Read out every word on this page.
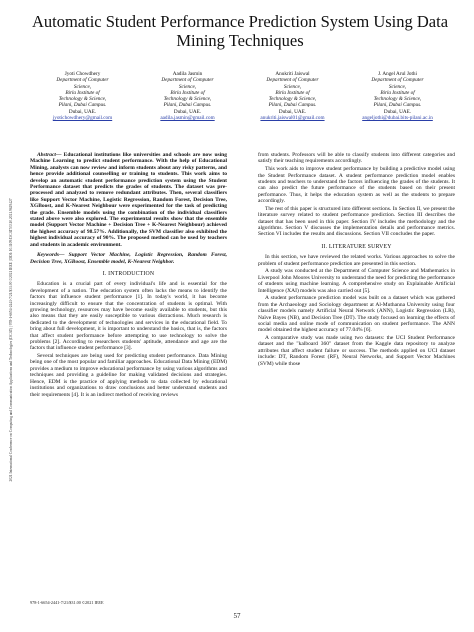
2021 International Conference on Computing and Communication Applications and Technologies (I3CAT) | 978-1-6654-2441-7/21/$31.00 ©2021 IEEE | DOI: 10.1109/I3CAT53310.2021.9629427
Automatic Student Performance Prediction System Using Data Mining Techniques
Jyoti Chowdhery
Department of Computer
Science,
Birla Institute of
Technology & Science,
Pilani, Dubai Campus.
Dubai, UAE.
jyotichowdhery@gmail.com
Aadila Jasmin
Department of Computer
Science,
Birla Institute of
Technology & Science,
Pilani, Dubai Campus.
Dubai, UAE.
aadila.jasmin@gmail.com
Anukriti Jaiswal
Department of Computer
Science,
Birla Institute of
Technology & Science,
Pilani, Dubai Campus.
Dubai, UAE.
anukriti.jaiswal01@gmail.com
J. Angel Arul Jothi
Department of Computer
Science,
Birla Institute of
Technology & Science,
Pilani, Dubai Campus.
Dubai, UAE.
angeljothi@dubai.bits-pilani.ac.in

Abstract— Educational institutions like universities and schools are now using Machine Learning to predict student performance. With the help of Educational Mining, analysts can now review and inform students about any risky patterns, and hence provide additional counselling or training to students. This work aims to develop an automatic student performance prediction system using the Student Performance dataset that predicts the grades of students. The dataset was pre-processed and analyzed to remove redundant attributes. Then, several classifiers like Support Vector Machine, Logistic Regression, Random Forest, Decision Tree, XGBoost, and K-Nearest Neighbour were experimented for the task of predicting the grade. Ensemble models using the combination of the individual classifiers stated above were also explored. The experimental results show that the ensemble model (Support Vector Machine + Decision Tree + K-Nearest Neighbour) achieved the highest accuracy of 98.57%. Additionally, the SVM classifier also exhibited the highest individual accuracy of 90%. The proposed method can be used by teachers and students in academic environment.

Keywords— Support Vector Machine, Logistic Regression, Random Forest, Decision Tree, XGBoost, Ensemble model, K-Nearest Neighbor.

I. INTRODUCTION

Education is a crucial part of every individual's life and is essential for the development of a nation. The education system often lacks the means to identify the factors that influence student performance [1]. In today's world, it has become increasingly difficult to ensure that the concentration of students is optimal. With growing technology, resources may have become easily available to students, but this also means that they are easily susceptible to various distractions. Much research is dedicated to the development of technologies and services in the educational field. To bring about full development, it is important to understand the basics, that is, the factors that affect student performance before attempting to use technology to solve the problems [2]. According to researchers students' aptitude, attendance and age are the factors that influence student performance [3].

Several techniques are being used for predicting student performance. Data Mining being one of the most popular and familiar approaches. Educational Data Mining (EDM) provides a medium to improve educational performance by using various algorithms and techniques and providing a guideline for making validated decisions and strategies. Hence, EDM is the practice of applying methods to data collected by educational institutions and organizations to draw conclusions and better understand students and their requirements [4]. It is an indirect method of receiving reviews

from students. Professors will be able to classify students into different categories and satisfy their teaching requirements accordingly.

This work aids to improve student performance by building a predictive model using the Student Performance dataset. A student performance prediction model enables students and teachers to understand the factors influencing the grades of the students. It can also predict the future performance of the students based on their present performance. Thus, it helps the education system as well as the students to prepare accordingly.

The rest of this paper is structured into different sections. In Section II, we present the literature survey related to student performance prediction. Section III describes the dataset that has been used in this paper. Section IV includes the methodology and the algorithms. Section V discusses the implementation details and performance metrics. Section VI includes the results and discussions. Section VII concludes the paper.

II. LITERATURE SURVEY

In this section, we have reviewed the related works. Various approaches to solve the problem of student performance prediction are presented in this section.

A study was conducted at the Department of Computer Science and Mathematics in Liverpool John Moores University to understand the need for predicting the performance of students using machine learning. A comprehensive study on Explainable Artificial Intelligence (XAI) models was also carried out [5].

A student performance prediction model was built on a dataset which was gathered from the Archaeology and Sociology department at Al-Muthanna University using four classifier models namely Artificial Neural Network (ANN), Logistic Regression (LR), Naïve Bayes (NB), and Decision Tree (DT). The study focused on learning the effects of social media and online mode of communication on student performance. The ANN model obtained the highest accuracy of 77.04% [6].

A comparative study was made using two datasets: the UCI Student Performance dataset and the "kalboard 360" dataset from the Kaggle data repository to analyze attributes that affect student failure or success. The methods applied on UCI dataset include: DT, Random Forest (RF), Neural Networks, and Support Vector Machines (SVM) while those

978-1-6654-2441-7/21/$31.00 ©2021 IEEE
57
